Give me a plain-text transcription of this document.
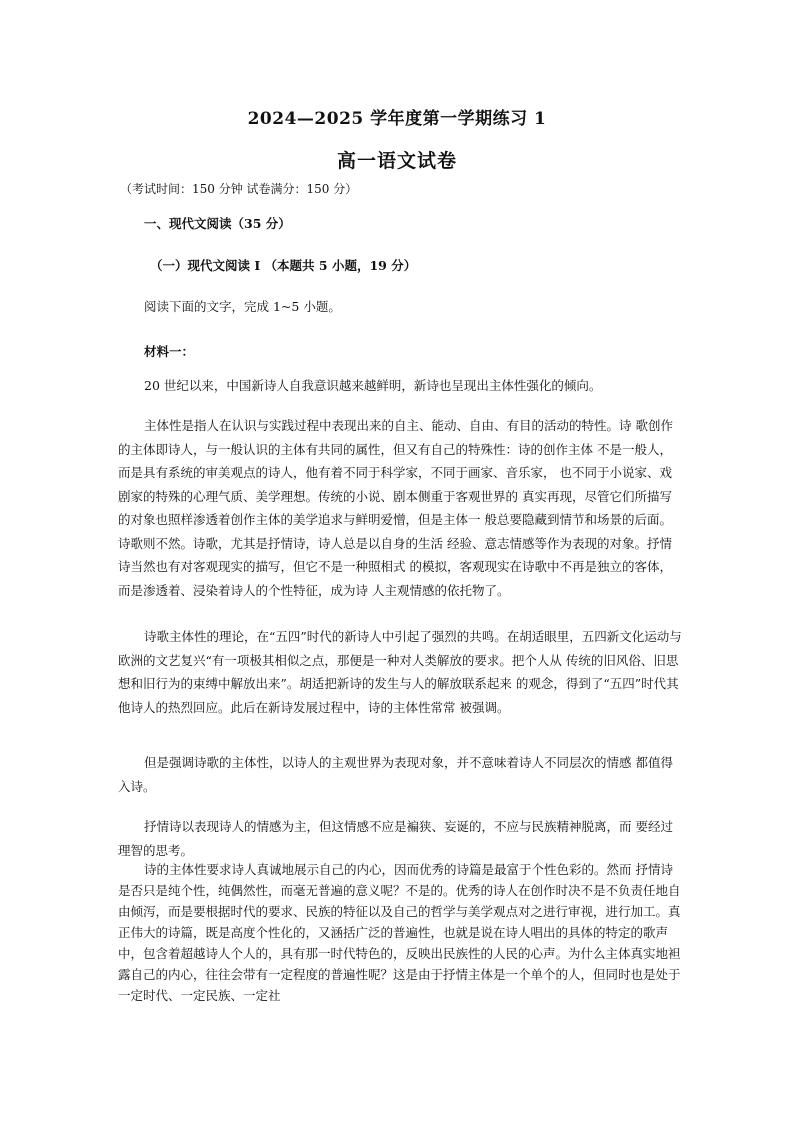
2024—2025 学年度第一学期练习 1
高一语文试卷
（考试时间：150 分钟 试卷满分：150 分）
一、现代文阅读（35 分）
（一）现代文阅读 I （本题共 5 小题，19 分）
阅读下面的文字，完成 1~5 小题。
材料一：

20 世纪以来，中国新诗人自我意识越来越鲜明，新诗也呈现出主体性强化的倾向。

主体性是指人在认识与实践过程中表现出来的自主、能动、自由、有目的活动的特性。诗 歌创作的主体即诗人，与一般认识的主体有共同的属性，但又有自己的特殊性：诗的创作主体 不是一般人，而是具有系统的审美观点的诗人，他有着不同于科学家，不同于画家、音乐家， 也不同于小说家、戏剧家的特殊的心理气质、美学理想。传统的小说、剧本侧重于客观世界的 真实再现，尽管它们所描写的对象也照样渗透着创作主体的美学追求与鲜明爱憎，但是主体一 般总要隐藏到情节和场景的后面。诗歌则不然。诗歌，尤其是抒情诗，诗人总是以自身的生活 经验、意志情感等作为表现的对象。抒情诗当然也有对客观现实的描写，但它不是一种照相式 的模拟，客观现实在诗歌中不再是独立的客体，而是渗透着、浸染着诗人的个性特征，成为诗 人主观情感的依托物了。

诗歌主体性的理论，在“五四”时代的新诗人中引起了强烈的共鸣。在胡适眼里，五四新文化运动与欧洲的文艺复兴“有一项极其相似之点，那便是一种对人类解放的要求。把个人从 传统的旧风俗、旧思想和旧行为的束缚中解放出来”。胡适把新诗的发生与人的解放联系起来 的观念，得到了“五四”时代其他诗人的热烈回应。此后在新诗发展过程中，诗的主体性常常 被强调。

但是强调诗歌的主体性，以诗人的主观世界为表现对象，并不意味着诗人不同层次的情感 都值得入诗。

抒情诗以表现诗人的情感为主，但这情感不应是褊狭、妄诞的，不应与民族精神脱离，而 要经过理智的思考。

诗的主体性要求诗人真诚地展示自己的内心，因而优秀的诗篇是最富于个性色彩的。然而 抒情诗是否只是纯个性，纯偶然性，而毫无普遍的意义呢？不是的。优秀的诗人在创作时决不是不负责任地自由倾泻，而是要根据时代的要求、民族的特征以及自己的哲学与美学观点对之进行审视，进行加工。真正伟大的诗篇，既是高度个性化的，又涵括广泛的普遍性，也就是说在诗人唱出的具体的特定的歌声中，包含着超越诗人个人的，具有那一时代特色的，反映出民族性的人民的心声。为什么主体真实地袒露自己的内心，往往会带有一定程度的普遍性呢？这是由于抒情主体是一个单个的人，但同时也是处于一定时代、一定民族、一定社
